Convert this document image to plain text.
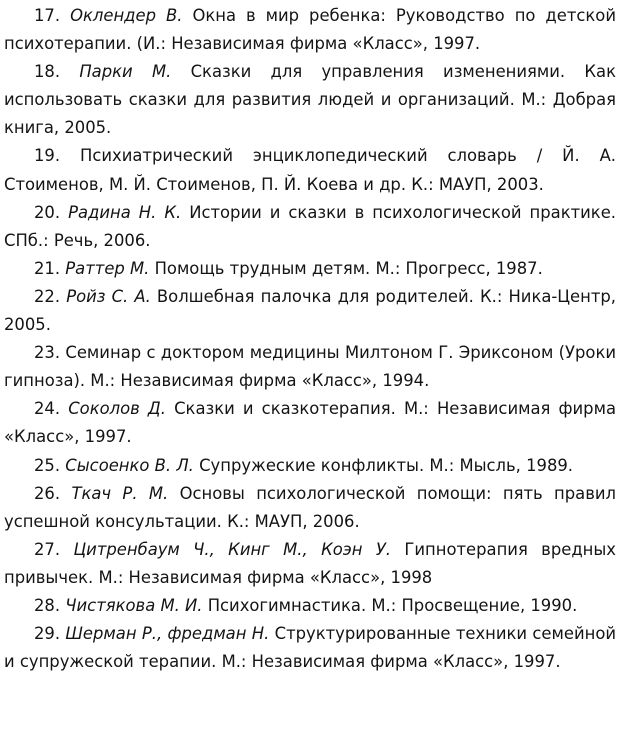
17. Оклендер В. Окна в мир ребенка: Руководство по детской психотерапии. (И.: Независимая фирма «Класс», 1997.

18. Парки М. Сказки для управления изменениями. Как использовать сказки для развития людей и организаций. М.: Добрая книга, 2005.

19. Психиатрический энциклопедический словарь / Й. А. Стоименов, М. Й. Стоименов, П. Й. Коева и др. К.: МАУП, 2003.

20. Радина Н. К. Истории и сказки в психологической практике. СПб.: Речь, 2006.

21. Раттер М. Помощь трудным детям. М.: Прогресс, 1987.

22. Ройз С. А. Волшебная палочка для родителей. К.: Ника-Центр, 2005.

23. Семинар с доктором медицины Милтоном Г. Эриксоном (Уроки гипноза). М.: Независимая фирма «Класс», 1994.

24. Соколов Д. Сказки и сказкотерапия. М.: Независимая фирма «Класс», 1997.

25. Сысоенко В. Л. Супружеские конфликты. М.: Мысль, 1989.

26. Ткач Р. М. Основы психологической помощи: пять правил успешной консультации. К.: МАУП, 2006.

27. Цитренбаум Ч., Кинг М., Коэн У. Гипнотерапия вредных привычек. М.: Независимая фирма «Класс», 1998

28. Чистякова М. И. Психогимнастика. М.: Просвещение, 1990.

29. Шерман Р., фредман Н. Структурированные техники семейной и супружеской терапии. М.: Независимая фирма «Класс», 1997.
